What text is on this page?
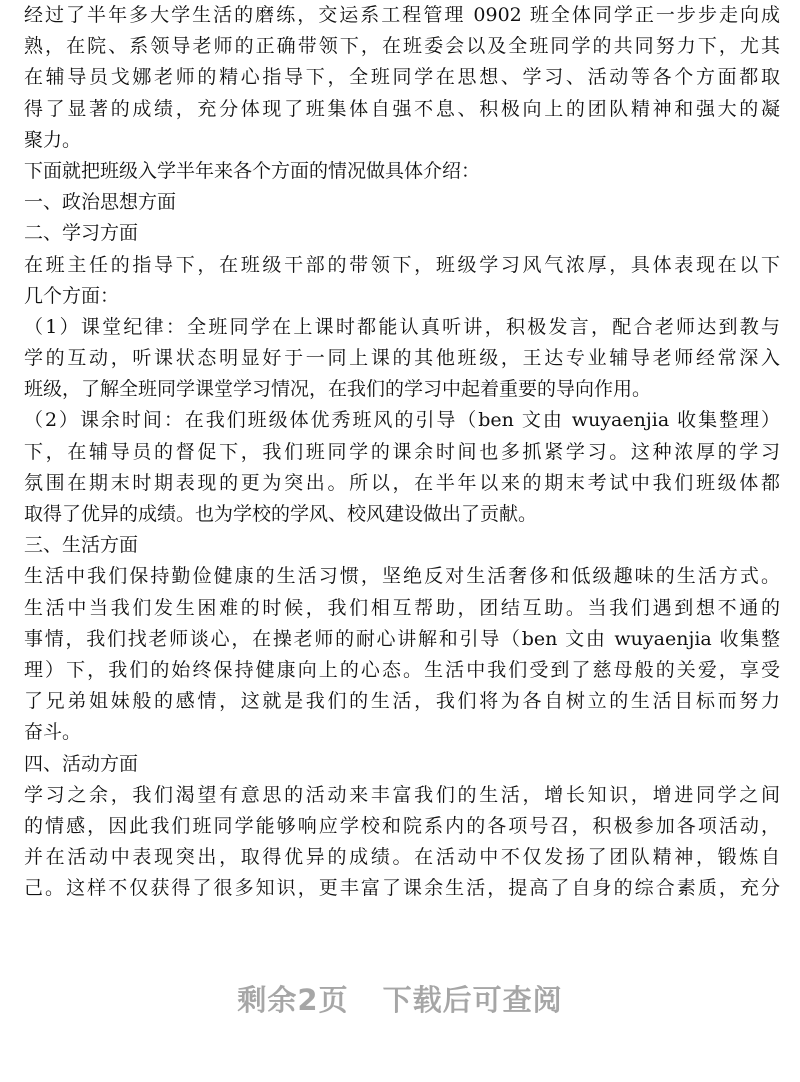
经过了半年多大学生活的磨练，交运系工程管理 0902 班全体同学正一步步走向成
熟，在院、系领导老师的正确带领下，在班委会以及全班同学的共同努力下，尤其
在辅导员戈娜老师的精心指导下，全班同学在思想、学习、活动等各个方面都取
得了显著的成绩，充分体现了班集体自强不息、积极向上的团队精神和强大的凝
聚力。
下面就把班级入学半年来各个方面的情况做具体介绍：
一、政治思想方面
二、学习方面
在班主任的指导下，在班级干部的带领下，班级学习风气浓厚，具体表现在以下
几个方面：
（1）课堂纪律：全班同学在上课时都能认真听讲，积极发言，配合老师达到教与
学的互动，听课状态明显好于一同上课的其他班级，王达专业辅导老师经常深入
班级，了解全班同学课堂学习情况，在我们的学习中起着重要的导向作用。
（2）课余时间：在我们班级体优秀班风的引导（ben 文由 wuyaenjia 收集整理）
下，在辅导员的督促下，我们班同学的课余时间也多抓紧学习。这种浓厚的学习
氛围在期末时期表现的更为突出。所以，在半年以来的期末考试中我们班级体都
取得了优异的成绩。也为学校的学风、校风建设做出了贡献。
三、生活方面
生活中我们保持勤俭健康的生活习惯，坚绝反对生活奢侈和低级趣味的生活方式。
生活中当我们发生困难的时候，我们相互帮助，团结互助。当我们遇到想不通的
事情，我们找老师谈心，在操老师的耐心讲解和引导（ben 文由 wuyaenjia 收集整
理）下，我们的始终保持健康向上的心态。生活中我们受到了慈母般的关爱，享受
了兄弟姐妹般的感情，这就是我们的生活，我们将为各自树立的生活目标而努力
奋斗。
四、活动方面
学习之余，我们渴望有意思的活动来丰富我们的生活，增长知识，增进同学之间
的情感，因此我们班同学能够响应学校和院系内的各项号召，积极参加各项活动，
并在活动中表现突出，取得优异的成绩。在活动中不仅发扬了团队精神，锻炼自
己。这样不仅获得了很多知识，更丰富了课余生活，提高了自身的综合素质，充分
剩余2页 下载后可查阅
